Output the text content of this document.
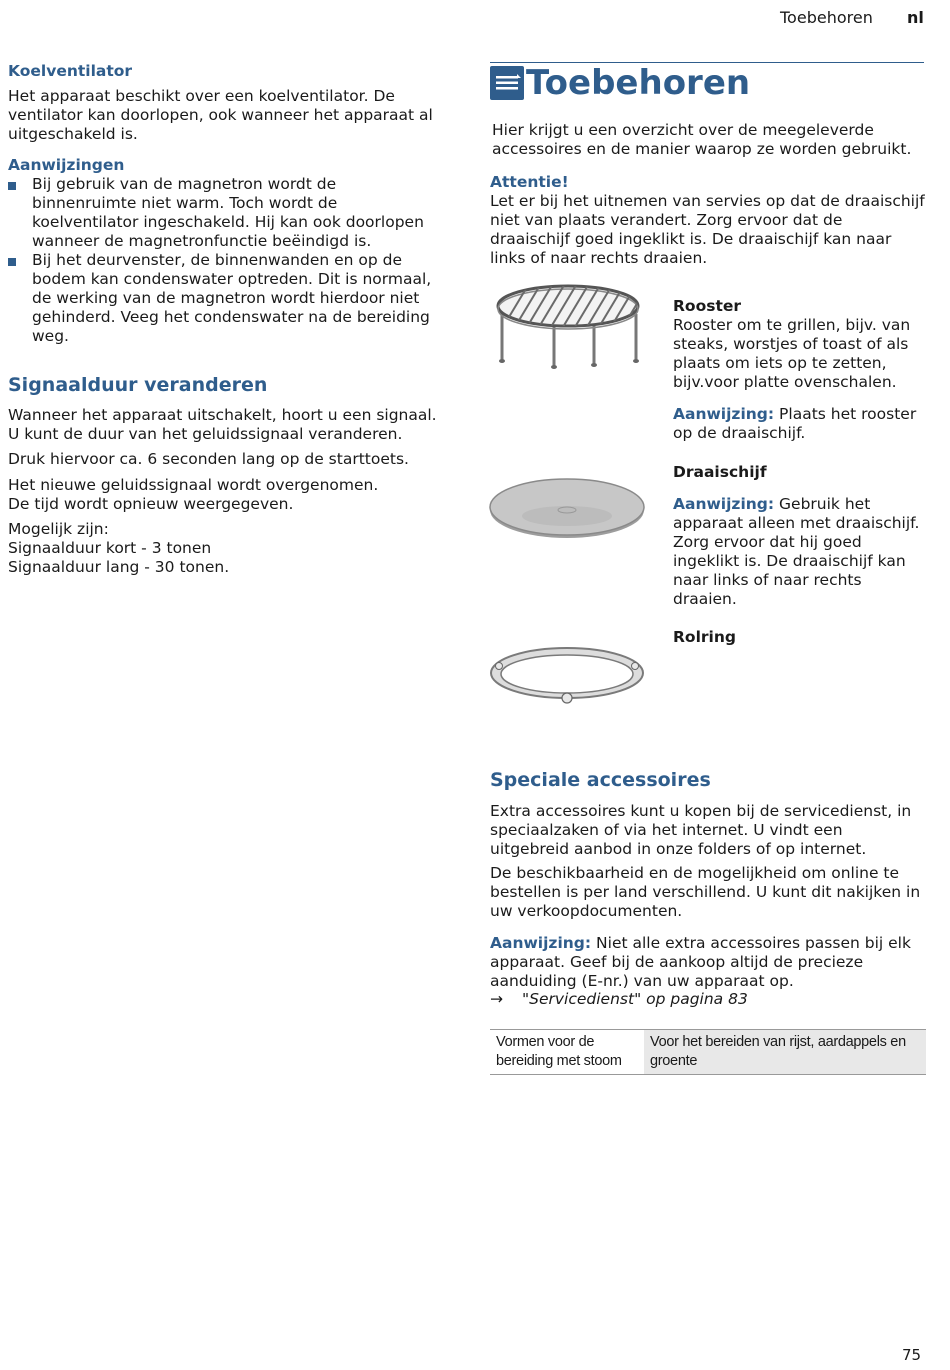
Toebehoren nl
Koelventilator

Het apparaat beschikt over een koelventilator. De ventilator kan doorlopen, ook wanneer het apparaat al uitgeschakeld is.

Aanwijzingen
Bij gebruik van de magnetron wordt de binnenruimte niet warm. Toch wordt de koelventilator ingeschakeld. Hij kan ook doorlopen wanneer de magnetronfunctie beëindigd is.
Bij het deurvenster, de binnenwanden en op de bodem kan condenswater optreden. Dit is normaal, de werking van de magnetron wordt hierdoor niet gehinderd. Veeg het condenswater na de bereiding weg.
Signaalduur veranderen

Wanneer het apparaat uitschakelt, hoort u een signaal. U kunt de duur van het geluidssignaal veranderen.

Druk hiervoor ca. 6 seconden lang op de starttoets.

Het nieuwe geluidssignaal wordt overgenomen.
De tijd wordt opnieuw weergegeven.
Mogelijk zijn:
Signaalduur kort - 3 tonen
Signaalduur lang - 30 tonen.
Toebehoren

Hier krijgt u een overzicht over de meegeleverde accessoires en de manier waarop ze worden gebruikt.

Attentie!

Let er bij het uitnemen van servies op dat de draaischijf niet van plaats verandert. Zorg ervoor dat de draaischijf goed ingeklikt is. De draaischijf kan naar links of naar rechts draaien.

Rooster
Rooster om te grillen, bijv. van steaks, worstjes of toast of als plaats om iets op te zetten, bijv.voor platte ovenschalen.
Aanwijzing: Plaats het rooster op de draaischijf.
Draaischijf
Aanwijzing: Gebruik het apparaat alleen met draaischijf. Zorg ervoor dat hij goed ingeklikt is. De draaischijf kan naar links of naar rechts draaien.
Rolring
Speciale accessoires

Extra accessoires kunt u kopen bij de servicedienst, in speciaalzaken of via het internet. U vindt een uitgebreid aanbod in onze folders of op internet.

De beschikbaarheid en de mogelijkheid om online te bestellen is per land verschillend. U kunt dit nakijken in uw verkoopdocumenten.

Aanwijzing: Niet alle extra accessoires passen bij elk apparaat. Geef bij de aankoop altijd de precieze aanduiding (E-nr.) van uw apparaat op.
→ "Servicedienst" op pagina 83
Vormen voor de bereiding met stoom
Voor het bereiden van rijst, aardappels en groente
75
